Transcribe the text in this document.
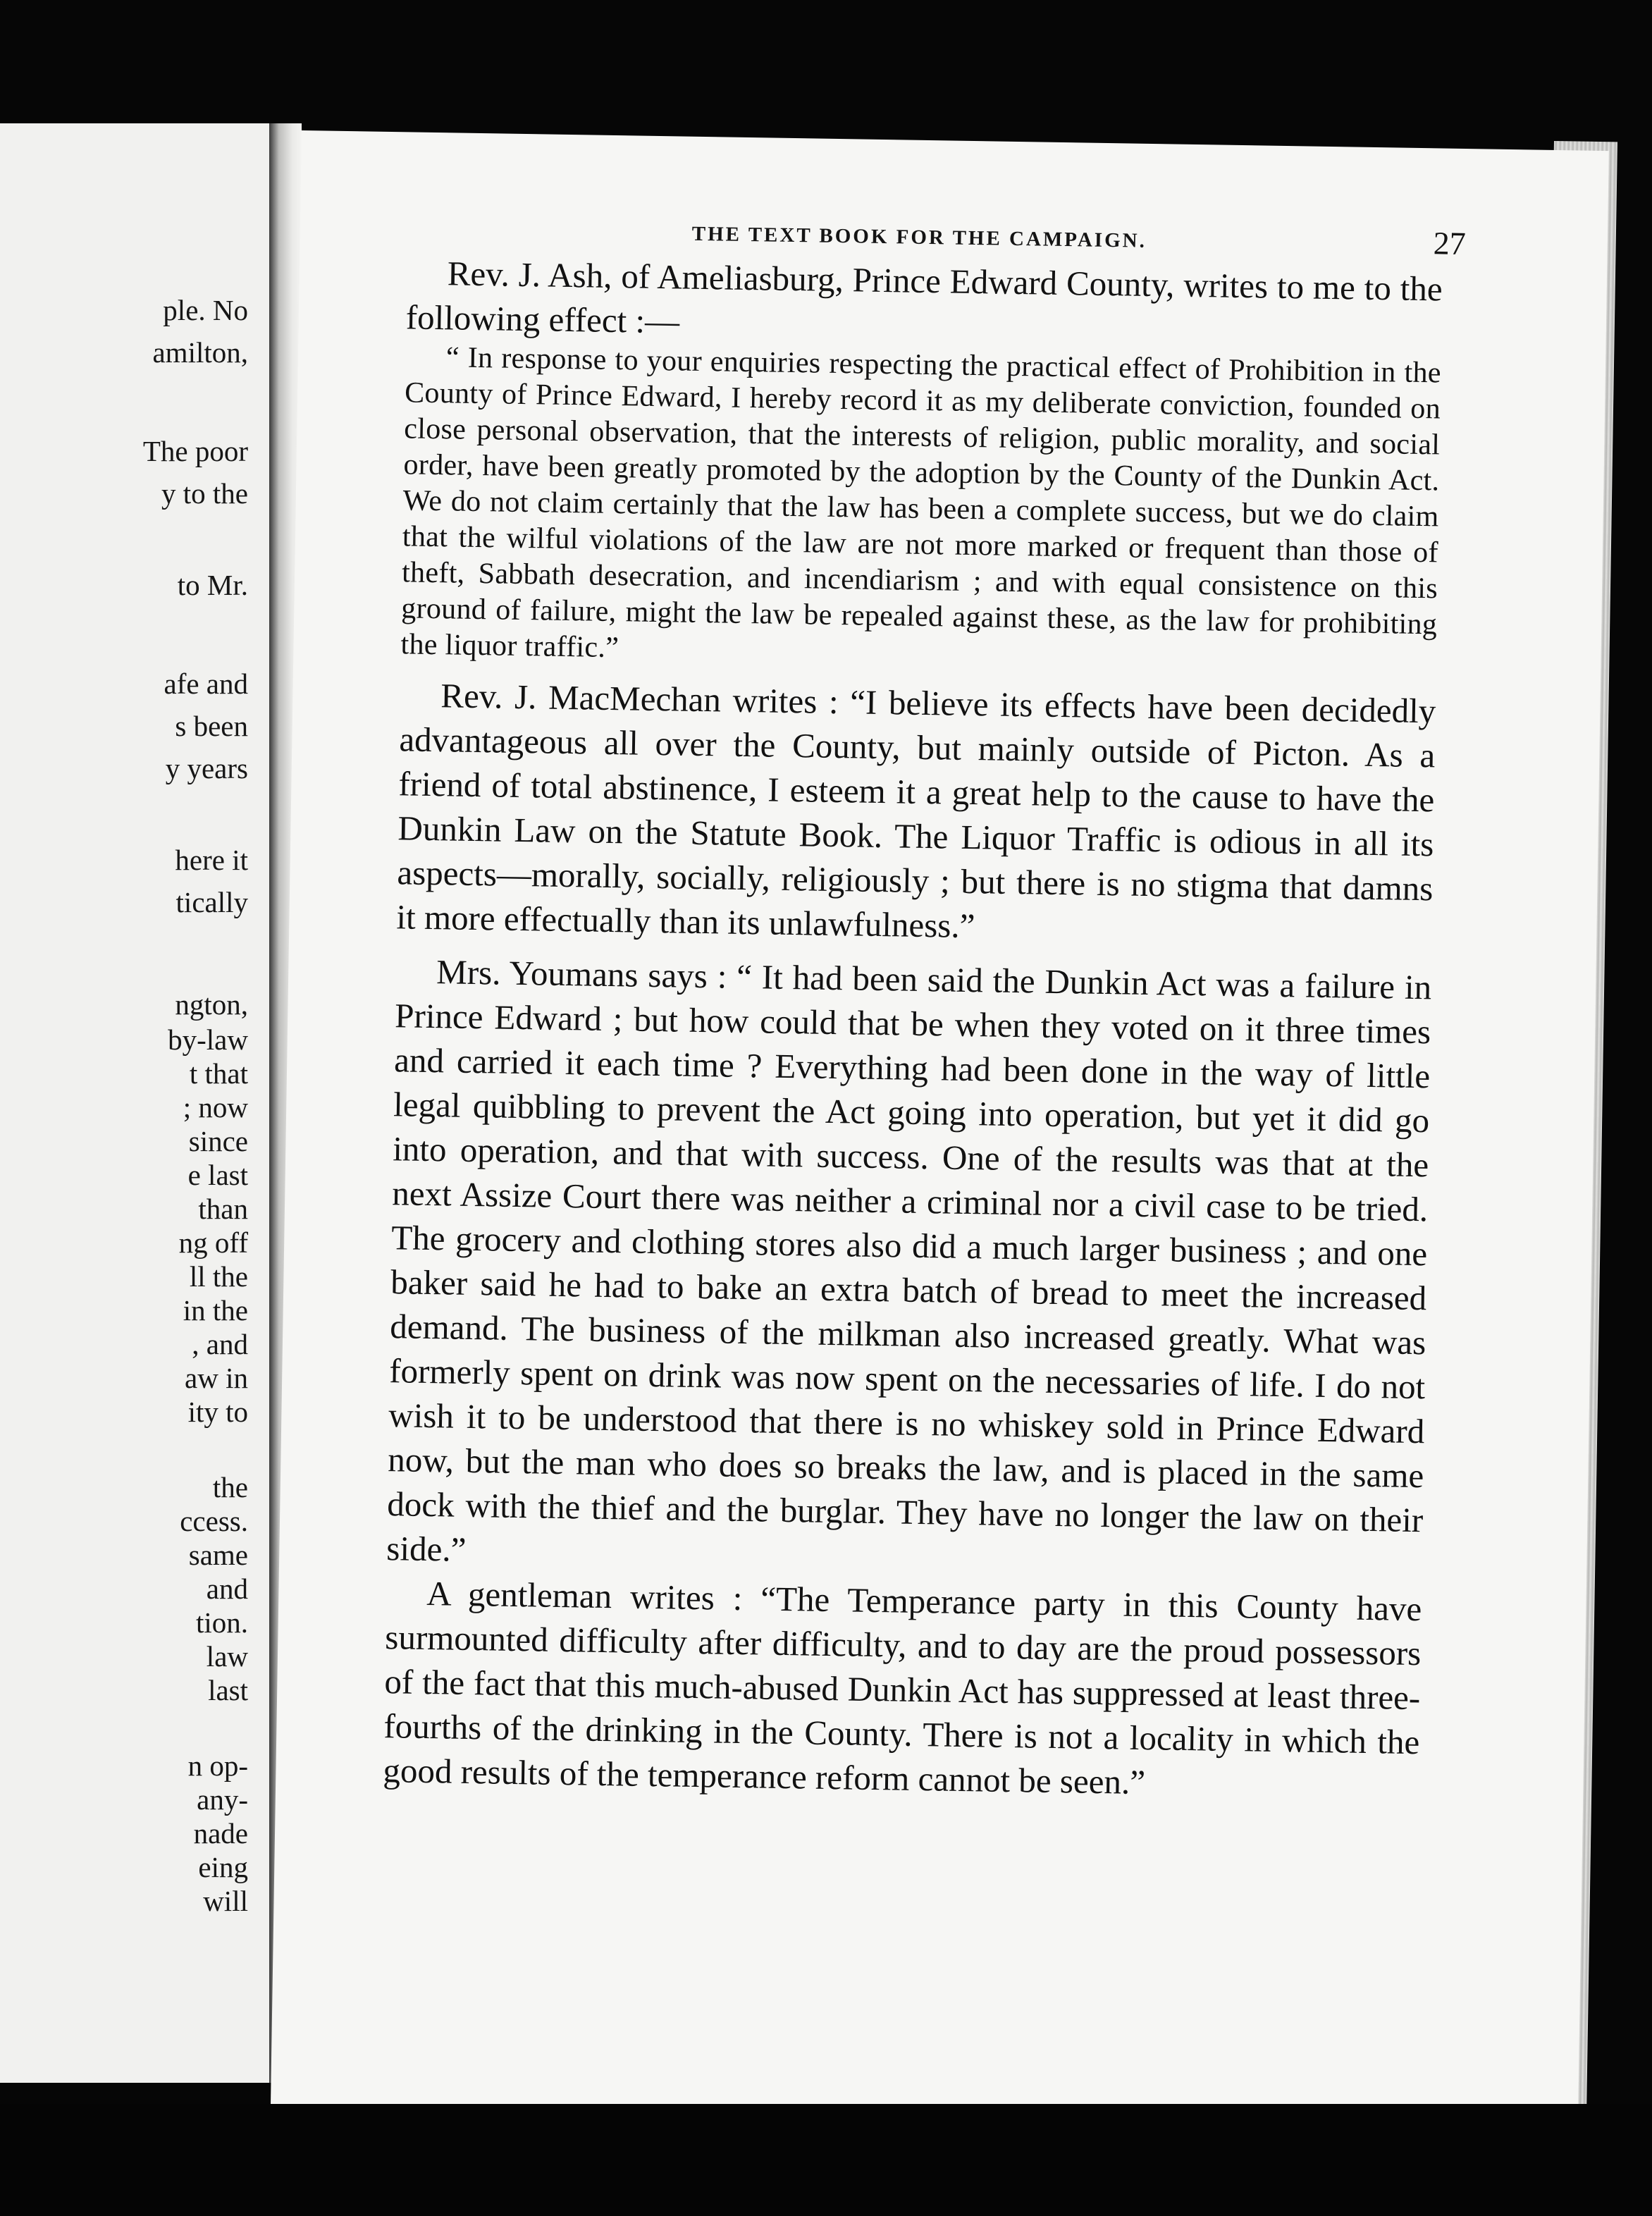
ple. No
amilton,
The poor
y to the
to Mr.
afe and
s been
y years
here it
tically
ngton,
by-law
t that
; now
since
e last
than
ng off
ll the
in the
, and
aw in
ity to
the
ccess.
same
and
tion.
law
last
n op-
any-
nade
eing
will
THE TEXT BOOK FOR THE CAMPAIGN.	27

Rev. J. Ash, of Ameliasburg, Prince Edward County, writes to me to the following effect :—

“ In response to your enquiries respecting the practical effect of Prohibition in the County of Prince Edward, I hereby record it as my deliberate conviction, founded on close personal observation, that the interests of religion, public morality, and social order, have been greatly promoted by the adoption by the County of the Dunkin Act. We do not claim certainly that the law has been a complete success, but we do claim that the wilful violations of the law are not more marked or frequent than those of theft, Sabbath desecration, and incendiarism ; and with equal consistence on this ground of failure, might the law be repealed against these, as the law for prohibiting the liquor traffic.”

Rev. J. MacMechan writes : “I believe its effects have been decidedly advantageous all over the County, but mainly outside of Picton. As a friend of total abstinence, I esteem it a great help to the cause to have the Dunkin Law on the Statute Book. The Liquor Traffic is odious in all its aspects—morally, socially, religiously ; but there is no stigma that damns it more effectually than its unlawfulness.”

Mrs. Youmans says : “ It had been said the Dunkin Act was a failure in Prince Edward ; but how could that be when they voted on it three times and carried it each time ? Everything had been done in the way of little legal quibbling to prevent the Act going into operation, but yet it did go into operation, and that with success. One of the results was that at the next Assize Court there was neither a criminal nor a civil case to be tried. The grocery and clothing stores also did a much larger business ; and one baker said he had to bake an extra batch of bread to meet the increased demand. The business of the milkman also increased greatly. What was formerly spent on drink was now spent on the necessaries of life. I do not wish it to be understood that there is no whiskey sold in Prince Edward now, but the man who does so breaks the law, and is placed in the same dock with the thief and the burglar. They have no longer the law on their side.”

A gentleman writes : “The Temperance party in this County have surmounted difficulty after difficulty, and to day are the proud possessors of the fact that this much-abused Dunkin Act has suppressed at least three-fourths of the drinking in the County. There is not a locality in which the good results of the temperance reform cannot be seen.”
